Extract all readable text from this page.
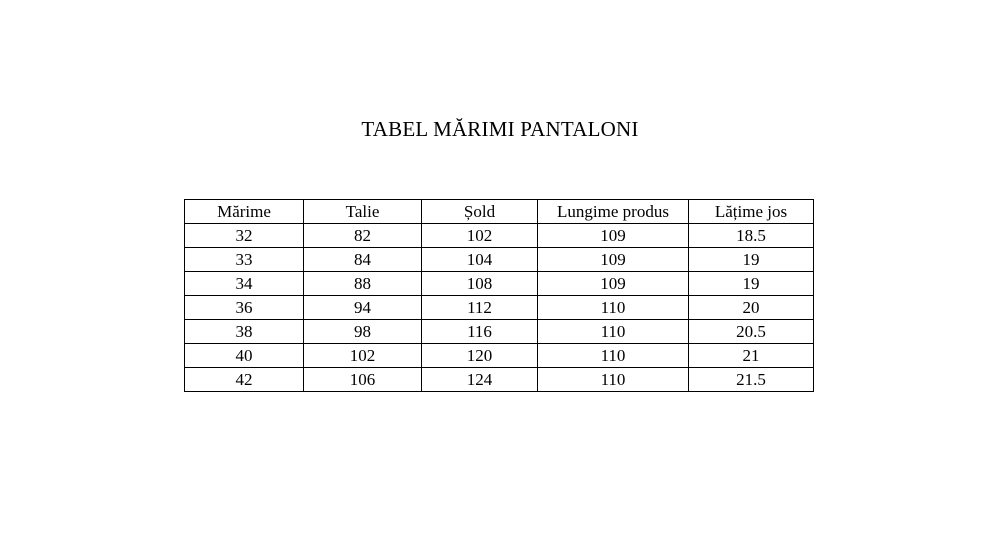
TABEL MĂRIMI PANTALONI
Mărime	Talie	Șold	Lungime produs	Lățime jos
32	82	102	109	18.5
33	84	104	109	19
34	88	108	109	19
36	94	112	110	20
38	98	116	110	20.5
40	102	120	110	21
42	106	124	110	21.5
